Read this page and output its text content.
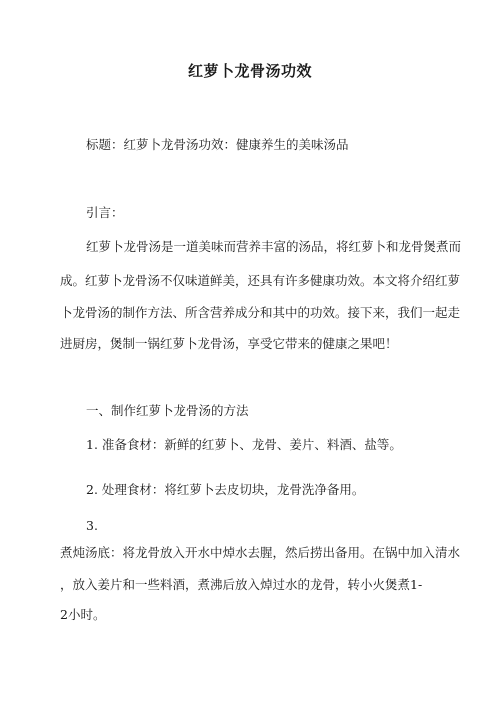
红萝卜龙骨汤功效
标题：红萝卜龙骨汤功效：健康养生的美味汤品
引言：
红萝卜龙骨汤是一道美味而营养丰富的汤品，将红萝卜和龙骨煲煮而
成。红萝卜龙骨汤不仅味道鲜美，还具有许多健康功效。本文将介绍红萝
卜龙骨汤的制作方法、所含营养成分和其中的功效。接下来，我们一起走
进厨房，煲制一锅红萝卜龙骨汤，享受它带来的健康之果吧！
一、制作红萝卜龙骨汤的方法
1. 准备食材：新鲜的红萝卜、龙骨、姜片、料酒、盐等。
2. 处理食材：将红萝卜去皮切块，龙骨洗净备用。
3.
煮炖汤底：将龙骨放入开水中焯水去腥，然后捞出备用。在锅中加入清水
，放入姜片和一些料酒，煮沸后放入焯过水的龙骨，转小火煲煮1-
2小时。
